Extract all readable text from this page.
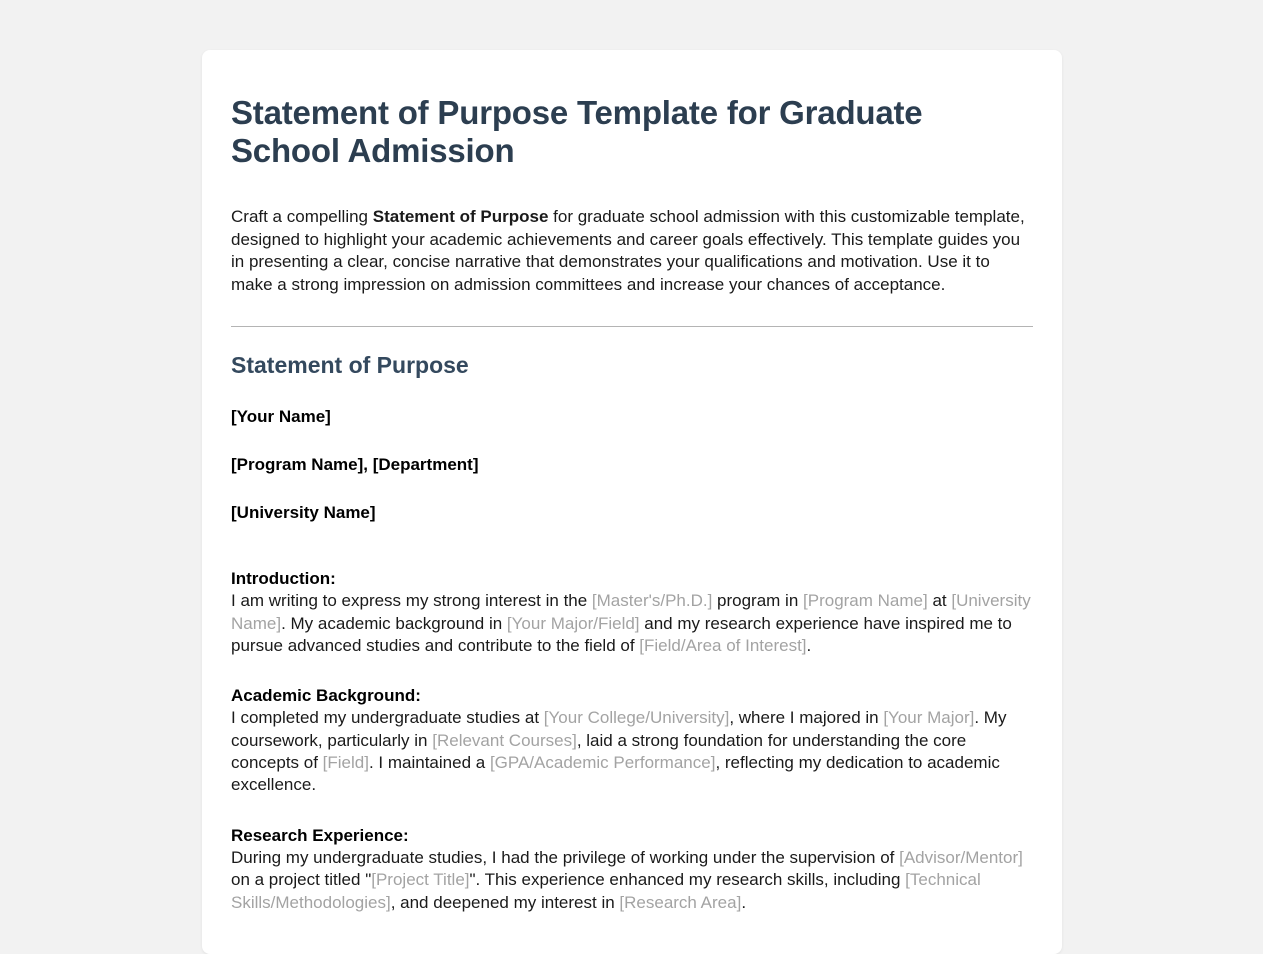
Statement of Purpose Template for Graduate School Admission

Craft a compelling Statement of Purpose for graduate school admission with this customizable template, designed to highlight your academic achievements and career goals effectively. This template guides you in presenting a clear, concise narrative that demonstrates your qualifications and motivation. Use it to make a strong impression on admission committees and increase your chances of acceptance.

Statement of Purpose

[Your Name]

[Program Name], [Department]

[University Name]

Introduction:
I am writing to express my strong interest in the [Master's/Ph.D.] program in [Program Name] at [University Name]. My academic background in [Your Major/Field] and my research experience have inspired me to pursue advanced studies and contribute to the field of [Field/Area of Interest].

Academic Background:
I completed my undergraduate studies at [Your College/University], where I majored in [Your Major]. My coursework, particularly in [Relevant Courses], laid a strong foundation for understanding the core concepts of [Field]. I maintained a [GPA/Academic Performance], reflecting my dedication to academic excellence.

Research Experience:
During my undergraduate studies, I had the privilege of working under the supervision of [Advisor/Mentor] on a project titled "[Project Title]". This experience enhanced my research skills, including [Technical Skills/Methodologies], and deepened my interest in [Research Area].
